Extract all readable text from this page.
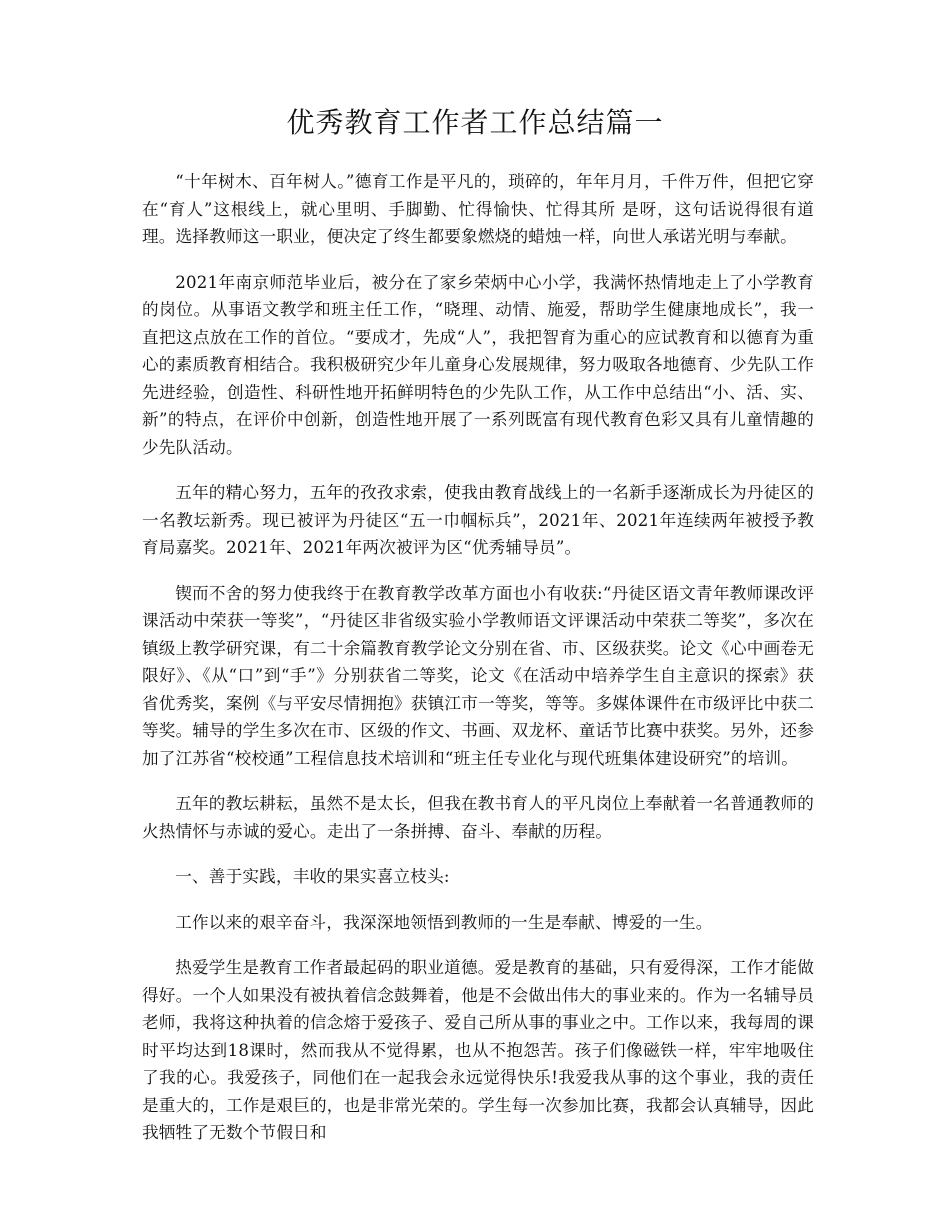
优秀教育工作者工作总结篇一

“十年树木、百年树人。”德育工作是平凡的，琐碎的，年年月月，千件万件，但把它穿在“育人”这根线上，就心里明、手脚勤、忙得愉快、忙得其所 是呀，这句话说得很有道理。选择教师这一职业，便决定了终生都要象燃烧的蜡烛一样，向世人承诺光明与奉献。

2021年南京师范毕业后，被分在了家乡荣炳中心小学，我满怀热情地走上了小学教育的岗位。从事语文教学和班主任工作，“晓理、动情、施爱，帮助学生健康地成长”，我一直把这点放在工作的首位。“要成才，先成“人”，我把智育为重心的应试教育和以德育为重心的素质教育相结合。我积极研究少年儿童身心发展规律，努力吸取各地德育、少先队工作先进经验，创造性、科研性地开拓鲜明特色的少先队工作，从工作中总结出“小、活、实、新”的特点，在评价中创新，创造性地开展了一系列既富有现代教育色彩又具有儿童情趣的少先队活动。

五年的精心努力，五年的孜孜求索，使我由教育战线上的一名新手逐渐成长为丹徒区的一名教坛新秀。现已被评为丹徒区“五一巾帼标兵”，2021年、2021年连续两年被授予教育局嘉奖。2021年、2021年两次被评为区“优秀辅导员”。

锲而不舍的努力使我终于在教育教学改革方面也小有收获:“丹徒区语文青年教师课改评课活动中荣获一等奖”，“丹徒区非省级实验小学教师语文评课活动中荣获二等奖”，多次在镇级上教学研究课，有二十余篇教育教学论文分别在省、市、区级获奖。论文《心中画卷无限好》、《从“口”到“手”》分别获省二等奖，论文《在活动中培养学生自主意识的探索》获省优秀奖，案例《与平安尽情拥抱》获镇江市一等奖，等等。多媒体课件在市级评比中获二等奖。辅导的学生多次在市、区级的作文、书画、双龙杯、童话节比赛中获奖。另外，还参加了江苏省“校校通”工程信息技术培训和“班主任专业化与现代班集体建设研究”的培训。

五年的教坛耕耘，虽然不是太长，但我在教书育人的平凡岗位上奉献着一名普通教师的火热情怀与赤诚的爱心。走出了一条拼搏、奋斗、奉献的历程。

一、善于实践，丰收的果实喜立枝头:

工作以来的艰辛奋斗，我深深地领悟到教师的一生是奉献、博爱的一生。

热爱学生是教育工作者最起码的职业道德。爱是教育的基础，只有爱得深，工作才能做得好。一个人如果没有被执着信念鼓舞着，他是不会做出伟大的事业来的。作为一名辅导员老师，我将这种执着的信念熔于爱孩子、爱自己所从事的事业之中。工作以来，我每周的课时平均达到18课时，然而我从不觉得累，也从不抱怨苦。孩子们像磁铁一样，牢牢地吸住了我的心。我爱孩子，同他们在一起我会永远觉得快乐!我爱我从事的这个事业，我的责任是重大的，工作是艰巨的，也是非常光荣的。学生每一次参加比赛，我都会认真辅导，因此我牺牲了无数个节假日和
